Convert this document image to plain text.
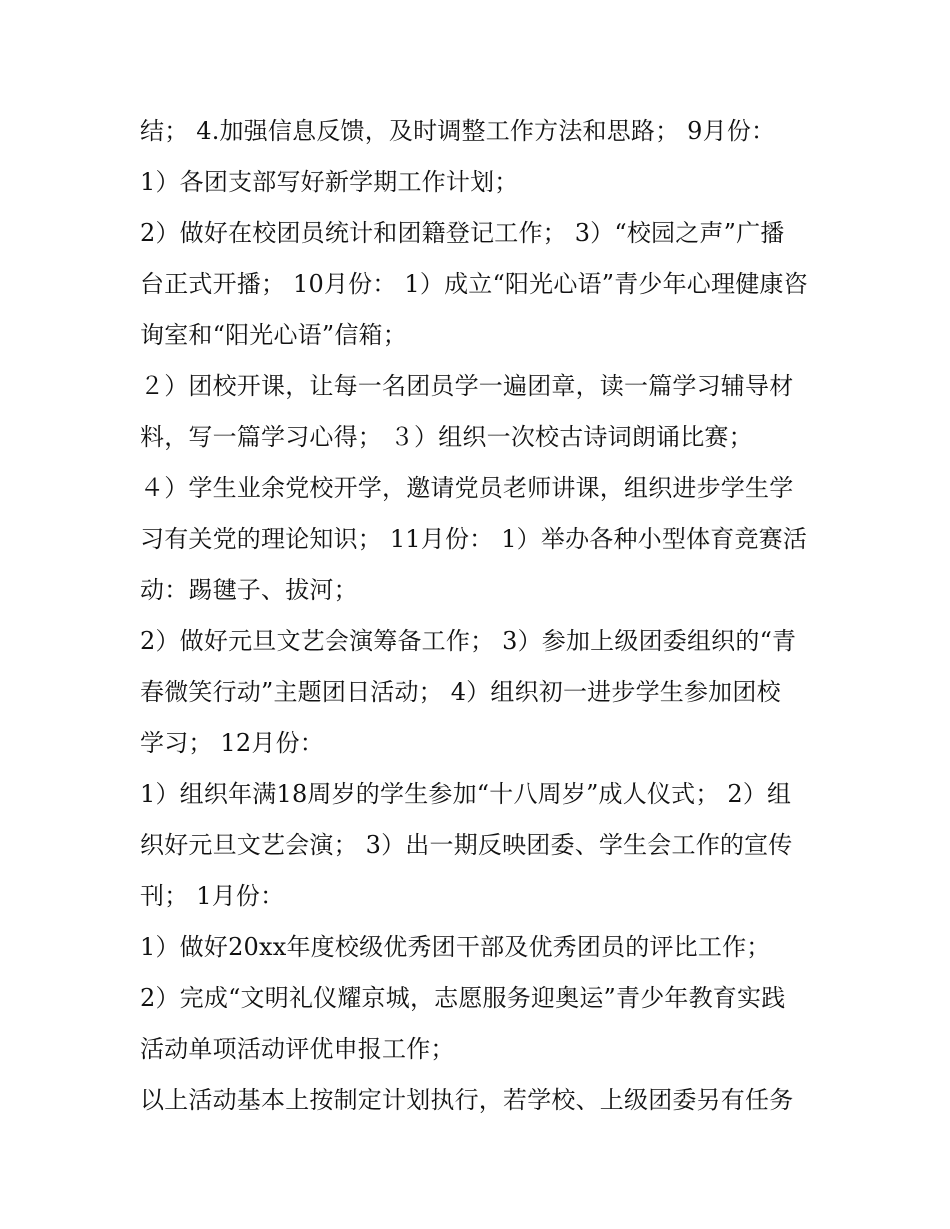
结； 4.加强信息反馈，及时调整工作方法和思路； 9月份：
1）各团支部写好新学期工作计划；
2）做好在校团员统计和团籍登记工作； 3）“校园之声”广播
台正式开播； 10月份： 1）成立“阳光心语”青少年心理健康咨
询室和“阳光心语”信箱；
２）团校开课，让每一名团员学一遍团章，读一篇学习辅导材
料，写一篇学习心得； ３）组织一次校古诗词朗诵比赛；
４）学生业余党校开学，邀请党员老师讲课，组织进步学生学
习有关党的理论知识； 11月份： 1）举办各种小型体育竞赛活
动：踢毽子、拔河；
2）做好元旦文艺会演筹备工作； 3）参加上级团委组织的“青
春微笑行动”主题团日活动； 4）组织初一进步学生参加团校
学习； 12月份：
1）组织年满18周岁的学生参加“十八周岁”成人仪式； 2）组
织好元旦文艺会演； 3）出一期反映团委、学生会工作的宣传
刊； 1月份：
1）做好20xx年度校级优秀团干部及优秀团员的评比工作；
2）完成“文明礼仪耀京城，志愿服务迎奥运”青少年教育实践
活动单项活动评优申报工作；
以上活动基本上按制定计划执行，若学校、上级团委另有任务
